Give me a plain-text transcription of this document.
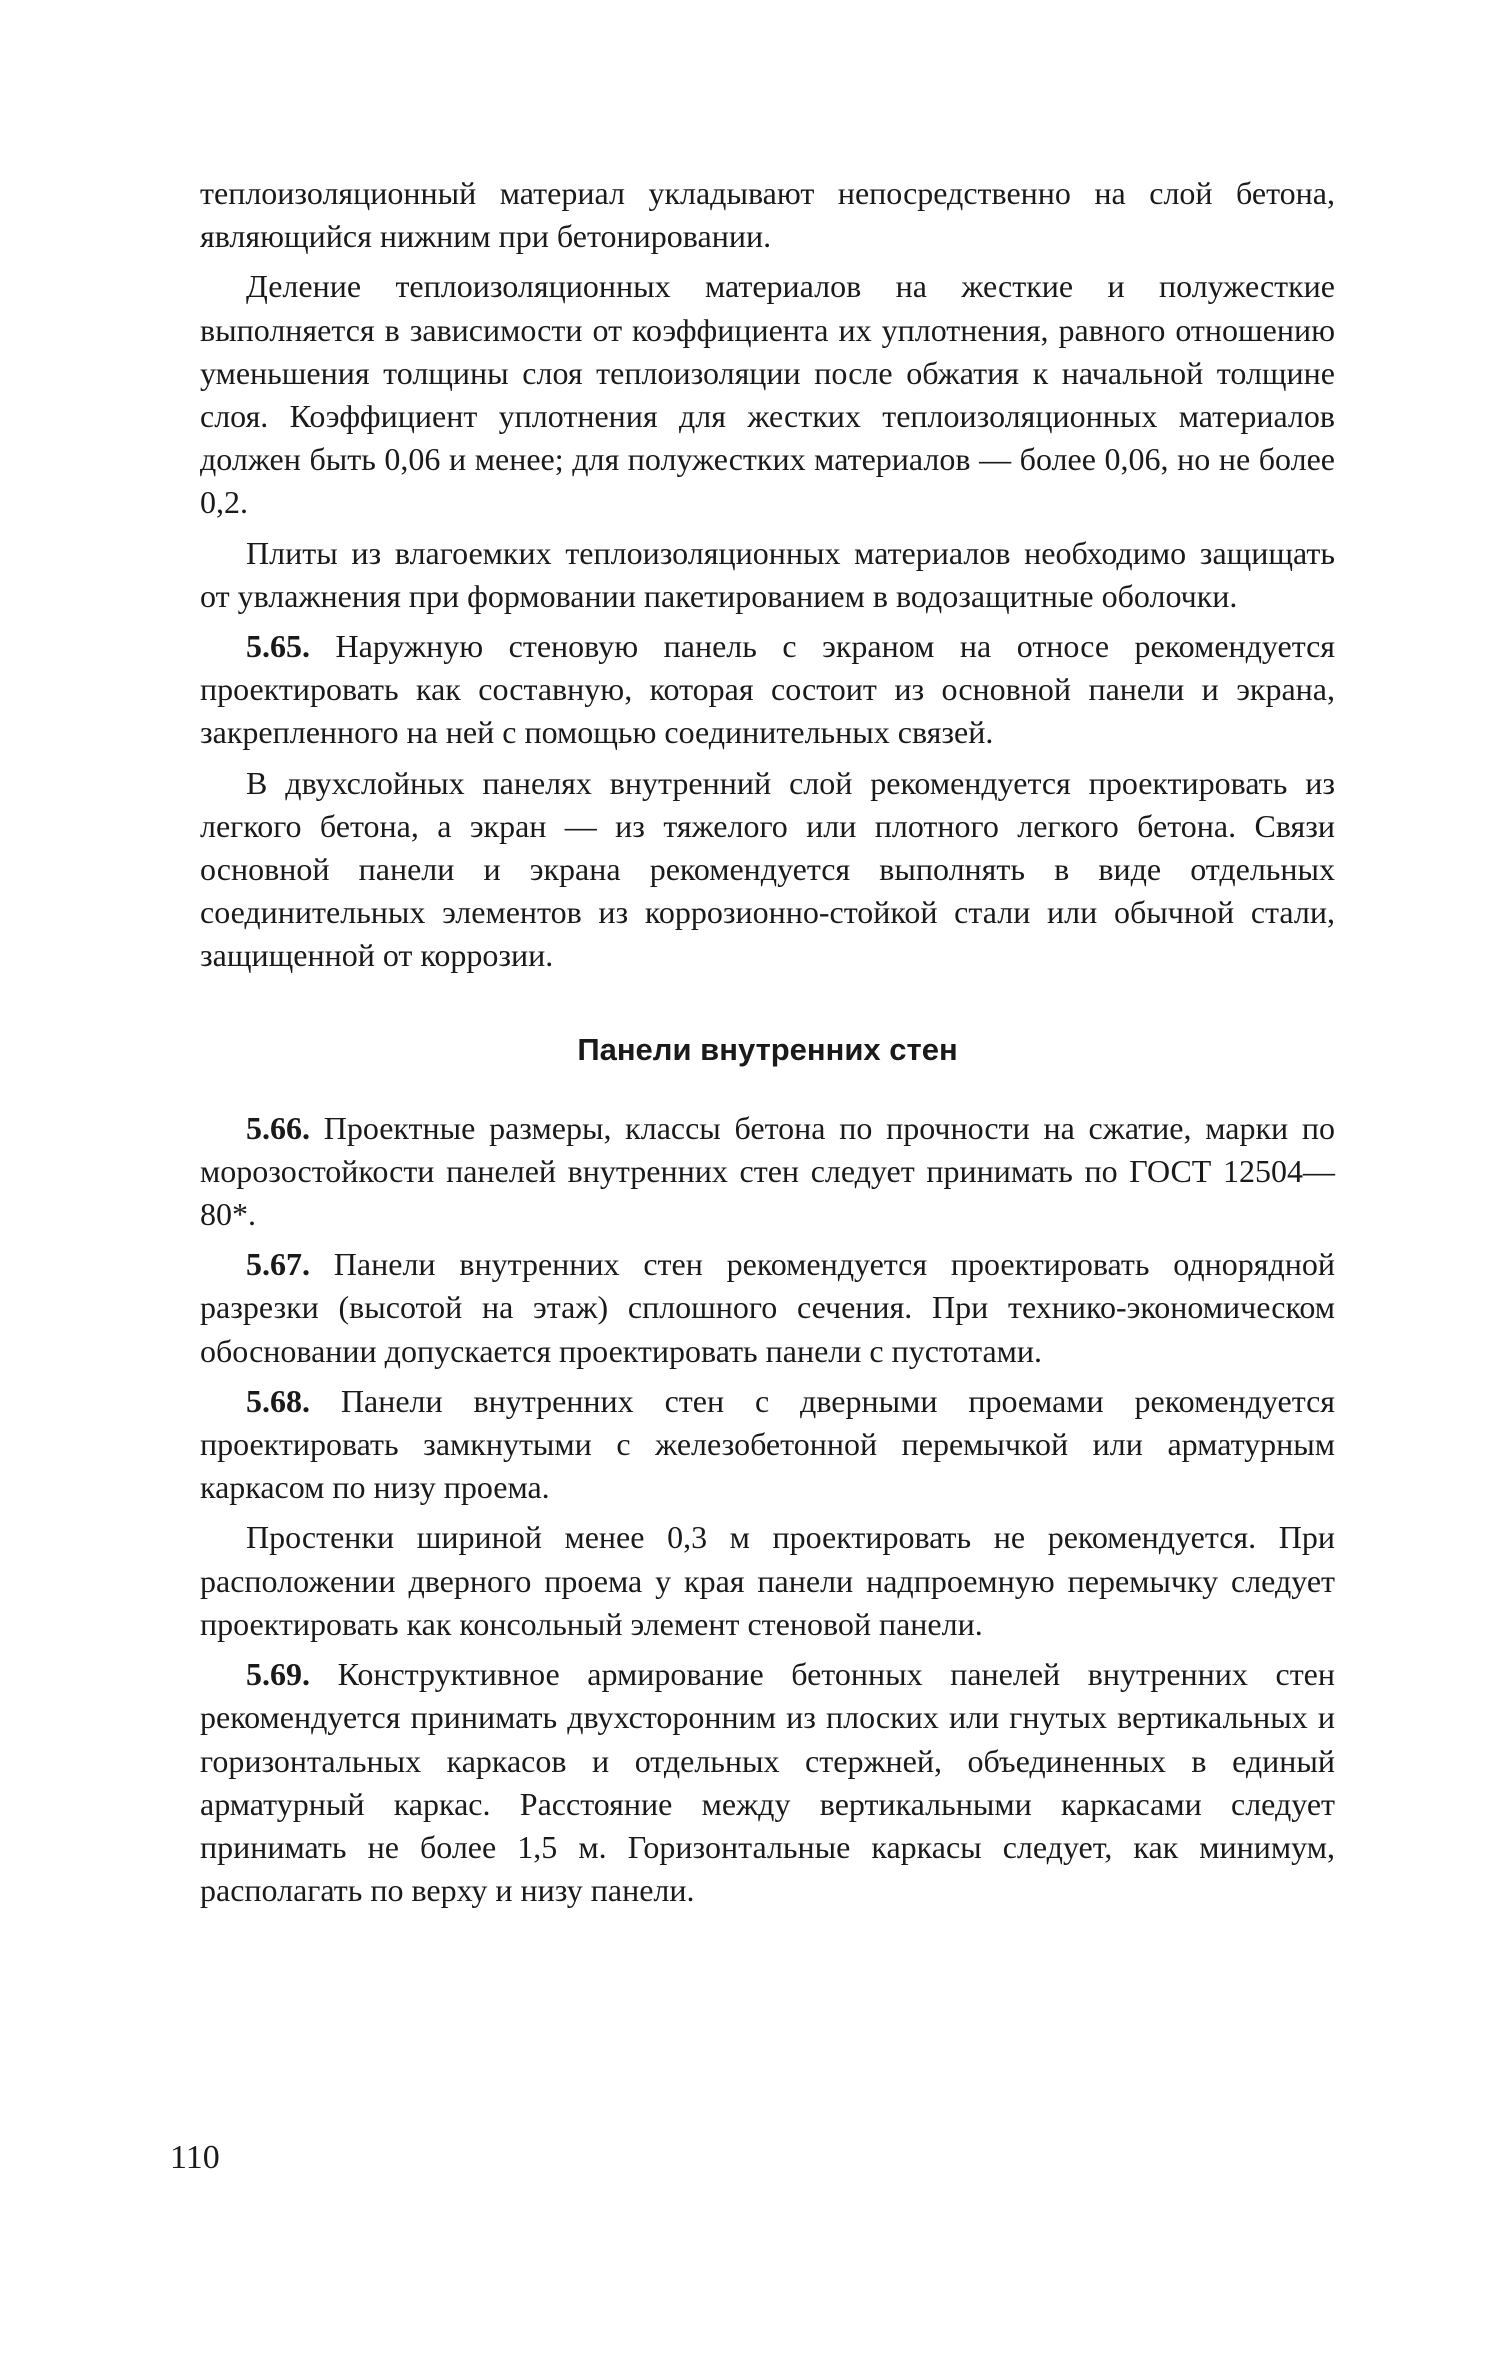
теплоизоляционный материал укладывают непосредственно на слой бетона, являющийся нижним при бетонировании.

Деление теплоизоляционных материалов на жесткие и полужесткие выполняется в зависимости от коэффициента их уплотнения, равного отношению уменьшения толщины слоя теплоизоляции после обжатия к начальной толщине слоя. Коэффициент уплотнения для жестких теплоизоляционных материалов должен быть 0,06 и менее; для полужестких материалов — более 0,06, но не более 0,2.

Плиты из влагоемких теплоизоляционных материалов необходимо защищать от увлажнения при формовании пакетированием в водозащитные оболочки.

5.65. Наружную стеновую панель с экраном на относе рекомендуется проектировать как составную, которая состоит из основной панели и экрана, закрепленного на ней с помощью соединительных связей.

В двухслойных панелях внутренний слой рекомендуется проектировать из легкого бетона, а экран — из тяжелого или плотного легкого бетона. Связи основной панели и экрана рекомендуется выполнять в виде отдельных соединительных элементов из коррозионно-стойкой стали или обычной стали, защищенной от коррозии.

Панели внутренних стен

5.66. Проектные размеры, классы бетона по прочности на сжатие, марки по морозостойкости панелей внутренних стен следует принимать по ГОСТ 12504—80*.

5.67. Панели внутренних стен рекомендуется проектировать однорядной разрезки (высотой на этаж) сплошного сечения. При технико-экономическом обосновании допускается проектировать панели с пустотами.

5.68. Панели внутренних стен с дверными проемами рекомендуется проектировать замкнутыми с железобетонной перемычкой или арматурным каркасом по низу проема.

Простенки шириной менее 0,3 м проектировать не рекомендуется. При расположении дверного проема у края панели надпроемную перемычку следует проектировать как консольный элемент стеновой панели.

5.69. Конструктивное армирование бетонных панелей внутренних стен рекомендуется принимать двухсторонним из плоских или гнутых вертикальных и горизонтальных каркасов и отдельных стержней, объединенных в единый арматурный каркас. Расстояние между вертикальными каркасами следует принимать не более 1,5 м. Горизонтальные каркасы следует, как минимум, располагать по верху и низу панели.

110
